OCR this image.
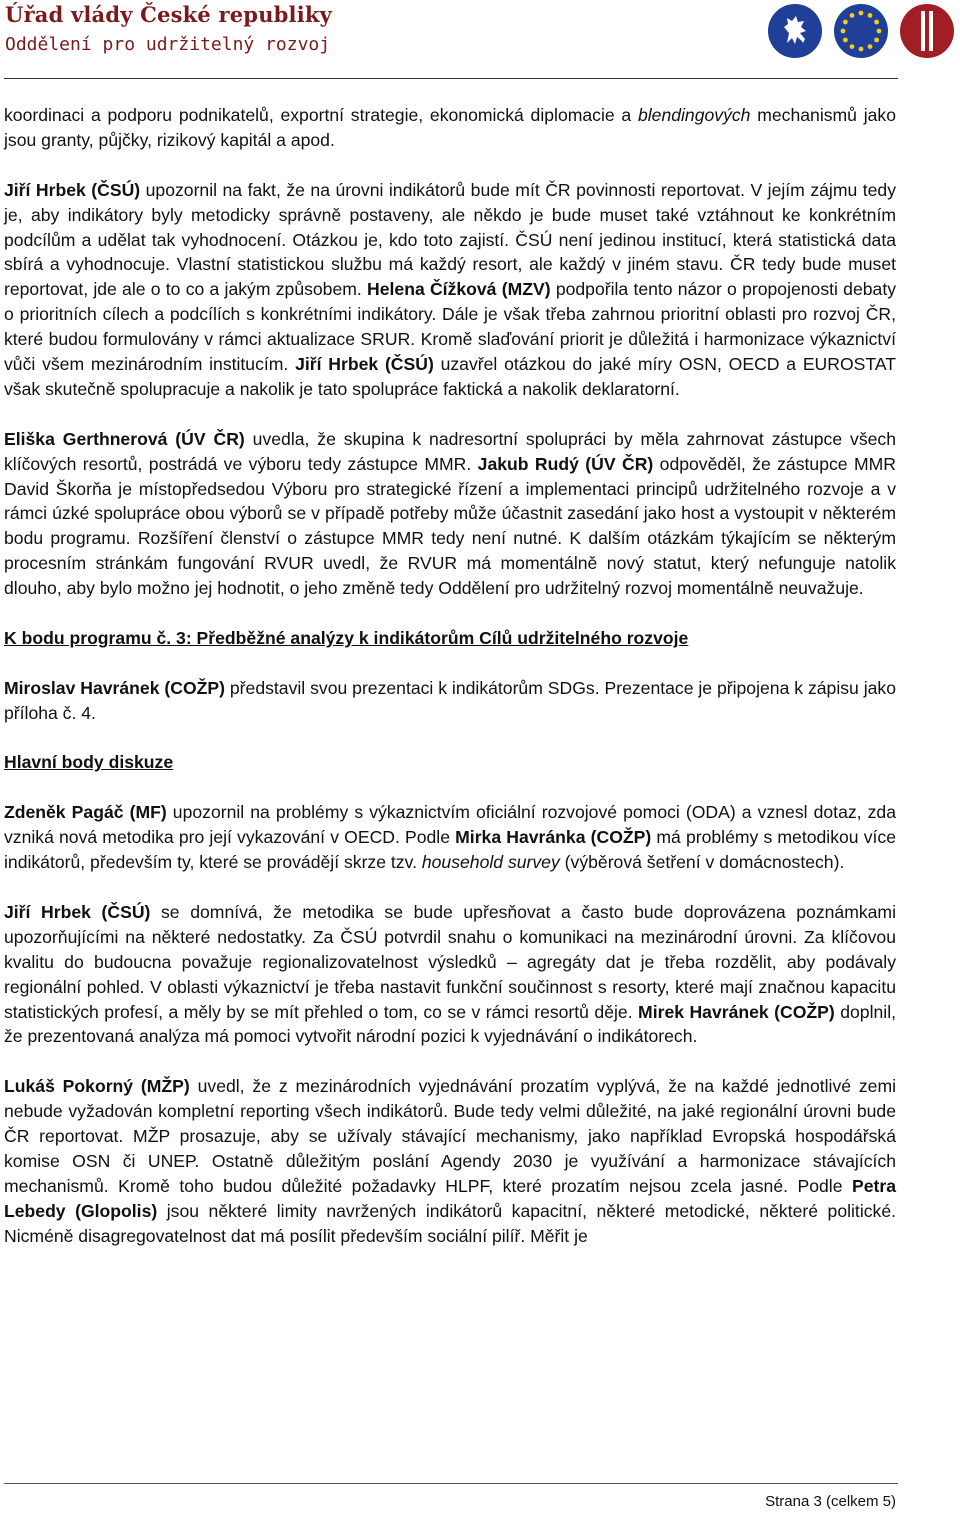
Úřad vlády České republiky
Oddělení pro udržitelný rozvoj

koordinaci a podporu podnikatelů, exportní strategie, ekonomická diplomacie a blendingových mechanismů jako jsou granty, půjčky, rizikový kapitál a apod.

Jiří Hrbek (ČSÚ) upozornil na fakt, že na úrovni indikátorů bude mít ČR povinnosti reportovat. V jejím zájmu tedy je, aby indikátory byly metodicky správně postaveny, ale někdo je bude muset také vztáhnout ke konkrétním podcílům a udělat tak vyhodnocení. Otázkou je, kdo toto zajistí. ČSÚ není jedinou institucí, která statistická data sbírá a vyhodnocuje. Vlastní statistickou službu má každý resort, ale každý v jiném stavu. ČR tedy bude muset reportovat, jde ale o to co a jakým způsobem. Helena Čížková (MZV) podpořila tento názor o propojenosti debaty o prioritních cílech a podcílích s konkrétními indikátory. Dále je však třeba zahrnou prioritní oblasti pro rozvoj ČR, které budou formulovány v rámci aktualizace SRUR. Kromě slaďování priorit je důležitá i harmonizace výkaznictví vůči všem mezinárodním institucím. Jiří Hrbek (ČSÚ) uzavřel otázkou do jaké míry OSN, OECD a EUROSTAT však skutečně spolupracuje a nakolik je tato spolupráce faktická a nakolik deklaratorní.

Eliška Gerthnerová (ÚV ČR) uvedla, že skupina k nadresortní spolupráci by měla zahrnovat zástupce všech klíčových resortů, postrádá ve výboru tedy zástupce MMR. Jakub Rudý (ÚV ČR) odpověděl, že zástupce MMR David Škorňa je místopředsedou Výboru pro strategické řízení a implementaci principů udržitelného rozvoje a v rámci úzké spolupráce obou výborů se v případě potřeby může účastnit zasedání jako host a vystoupit v některém bodu programu. Rozšíření členství o zástupce MMR tedy není nutné. K dalším otázkám týkajícím se některým procesním stránkám fungování RVUR uvedl, že RVUR má momentálně nový statut, který nefunguje natolik dlouho, aby bylo možno jej hodnotit, o jeho změně tedy Oddělení pro udržitelný rozvoj momentálně neuvažuje.

K bodu programu č. 3: Předběžné analýzy k indikátorům Cílů udržitelného rozvoje

Miroslav Havránek (COŽP) představil svou prezentaci k indikátorům SDGs. Prezentace je připojena k zápisu jako příloha č. 4.

Hlavní body diskuze

Zdeněk Pagáč (MF) upozornil na problémy s výkaznictvím oficiální rozvojové pomoci (ODA) a vznesl dotaz, zda vzniká nová metodika pro její vykazování v OECD. Podle Mirka Havránka (COŽP) má problémy s metodikou více indikátorů, především ty, které se provádějí skrze tzv. household survey (výběrová šetření v domácnostech).

Jiří Hrbek (ČSÚ) se domnívá, že metodika se bude upřesňovat a často bude doprovázena poznámkami upozorňujícími na některé nedostatky. Za ČSÚ potvrdil snahu o komunikaci na mezinárodní úrovni. Za klíčovou kvalitu do budoucna považuje regionalizovatelnost výsledků – agregáty dat je třeba rozdělit, aby podávaly regionální pohled. V oblasti výkaznictví je třeba nastavit funkční součinnost s resorty, které mají značnou kapacitu statistických profesí, a měly by se mít přehled o tom, co se v rámci resortů děje. Mirek Havránek (COŽP) doplnil, že prezentovaná analýza má pomoci vytvořit národní pozici k vyjednávání o indikátorech.

Lukáš Pokorný (MŽP) uvedl, že z mezinárodních vyjednávání prozatím vyplývá, že na každé jednotlivé zemi nebude vyžadován kompletní reporting všech indikátorů. Bude tedy velmi důležité, na jaké regionální úrovni bude ČR reportovat. MŽP prosazuje, aby se užívaly stávající mechanismy, jako například Evropská hospodářská komise OSN či UNEP. Ostatně důležitým poslání Agendy 2030 je využívání a harmonizace stávajících mechanismů. Kromě toho budou důležité požadavky HLPF, které prozatím nejsou zcela jasné. Podle Petra Lebedy (Glopolis) jsou některé limity navržených indikátorů kapacitní, některé metodické, některé politické. Nicméně disagregovatelnost dat má posílit především sociální pilíř. Měřit je

Strana 3 (celkem 5)
